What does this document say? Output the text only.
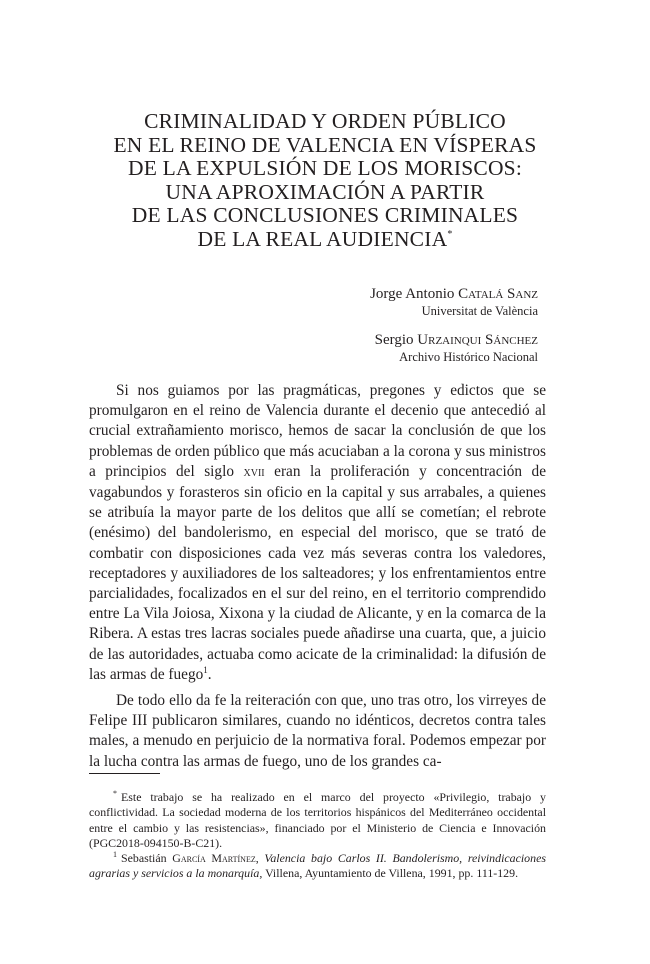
CRIMINALIDAD Y ORDEN PÚBLICO
EN EL REINO DE VALENCIA EN VÍSPERAS
DE LA EXPULSIÓN DE LOS MORISCOS:
UNA APROXIMACIÓN A PARTIR
DE LAS CONCLUSIONES CRIMINALES
DE LA REAL AUDIENCIA*
Jorge Antonio Catalá Sanz
Universitat de València
Sergio Urzainqui Sánchez
Archivo Histórico Nacional

Si nos guiamos por las pragmáticas, pregones y edictos que se promulgaron en el reino de Valencia durante el decenio que antecedió al crucial extrañamiento morisco, hemos de sacar la conclusión de que los problemas de orden público que más acuciaban a la corona y sus ministros a principios del siglo xvii eran la proliferación y concentración de vagabundos y forasteros sin oficio en la capital y sus arrabales, a quienes se atribuía la mayor parte de los delitos que allí se cometían; el rebrote (enésimo) del bandolerismo, en especial del morisco, que se trató de combatir con disposiciones cada vez más severas contra los valedores, receptadores y auxiliadores de los salteadores; y los enfrentamientos entre parcialidades, focalizados en el sur del reino, en el territorio comprendido entre La Vila Joiosa, Xixona y la ciudad de Alicante, y en la comarca de la Ribera. A estas tres lacras sociales puede añadirse una cuarta, que, a juicio de las autoridades, actuaba como acicate de la criminalidad: la difusión de las armas de fuego$^1$.

De todo ello da fe la reiteración con que, uno tras otro, los virreyes de Felipe III publicaron similares, cuando no idénticos, decretos contra tales males, a menudo en perjuicio de la normativa foral. Podemos empezar por la lucha contra las armas de fuego, uno de los grandes ca-

* Este trabajo se ha realizado en el marco del proyecto «Privilegio, trabajo y conflictividad. La sociedad moderna de los territorios hispánicos del Mediterráneo occidental entre el cambio y las resistencias», financiado por el Ministerio de Ciencia e Innovación (PGC2018-094150-B-C21).

$^1$ Sebastián García Martínez, Valencia bajo Carlos II. Bandolerismo, reivindicaciones agrarias y servicios a la monarquía, Villena, Ayuntamiento de Villena, 1991, pp. 111-129.
